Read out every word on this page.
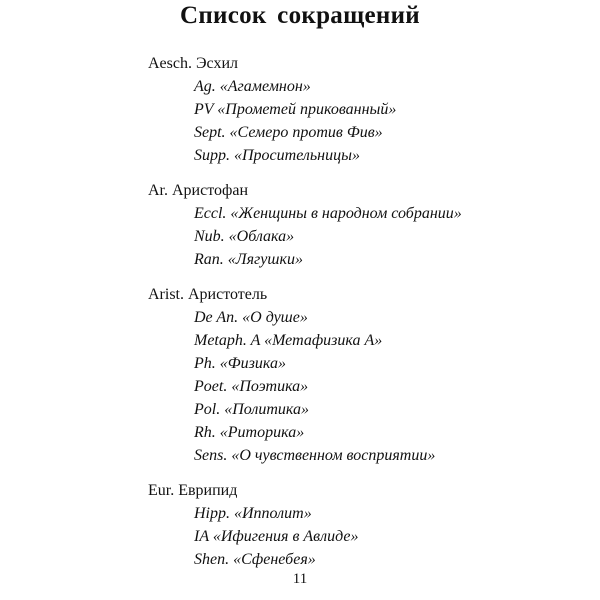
Список сокращений
Aesch. Эсхил
Ag. «Агамемнон»
PV «Прометей прикованный»
Sept. «Семеро против Фив»
Supp. «Просительницы»
Ar. Аристофан
Eccl. «Женщины в народном собрании»
Nub. «Облака»
Ran. «Лягушки»
Arist. Аристотель
De An. «О душе»
Metaph. A «Метафизика A»
Ph. «Физика»
Poet. «Поэтика»
Pol. «Политика»
Rh. «Риторика»
Sens. «О чувственном восприятии»
Eur. Еврипид
Hipp. «Ипполит»
IA «Ифигения в Авлиде»
Shen. «Сфенебея»
11
